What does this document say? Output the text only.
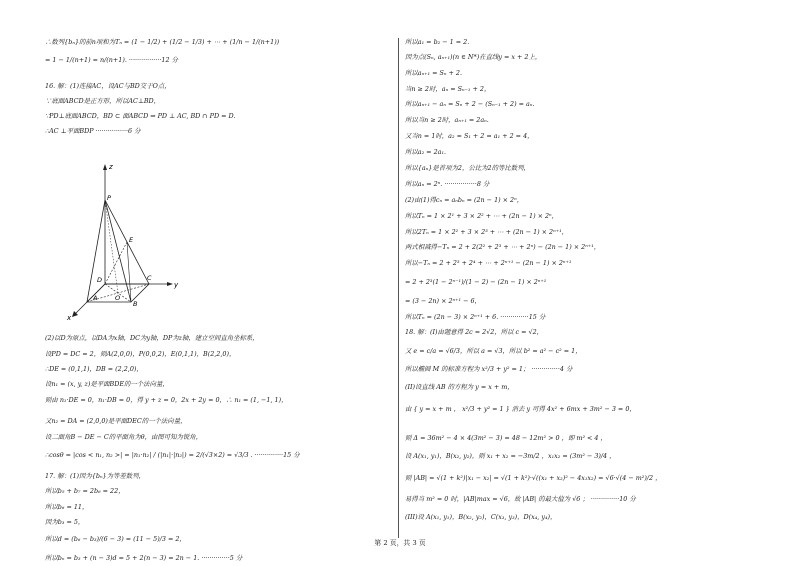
z
P
E
D	C
y
A	O
B
x
∴数列{bₙ}的前n项和为Tₙ = (1 − 1/2) + (1/2 − 1/3) + ⋯ + (1/n − 1/(n+1))
= 1 − 1/(n+1) = n/(n+1). ················12 分
16. 解：(1)连接AC，设AC与BD交于O点，
∵底面ABCD是正方形，所以AC⊥BD，
∵PD⊥底面ABCD，BD ⊂ 面ABCD ⇒ PD ⊥ AC, BD ∩ PD = D.
∴AC ⊥平面BDP ················6 分
(2)以D为原点，以DA为x轴，DC为y轴，DP为z轴，建立空间直角坐标系，
设PD = DC = 2，则A(2,0,0)，P(0,0,2)，E(0,1,1)，B(2,2,0)，
∴DE = (0,1,1)，DB = (2,2,0)，
设n₁ = (x, y, z)是平面BDE的一个法向量，
则由 n₁·DE = 0，n₁·DB = 0，得 y + z = 0，2x + 2y = 0，∴ n₁ = (1, −1, 1)，
又n₂ = DA = (2,0,0)是平面DEC的一个法向量，
设二面角B − DE − C的平面角为θ，由图可知为锐角，
∴cosθ = |cos < n₁, n₂ >| = |n₁·n₂| / (|n₁|·|n₂|) = 2/(√3×2) = √3/3 . ··············15 分
17. 解：(1)因为{bₙ}为等差数列，
所以b₅ + b₇ = 2b₆ = 22，
所以b₆ = 11，
因为b₃ = 5，
所以d = (b₆ − b₃)/(6 − 3) = (11 − 5)/3 = 2，
所以bₙ = b₃ + (n − 3)d = 5 + 2(n − 3) = 2n − 1. ··············5 分
所以a₁ = b₂ − 1 = 2.
因为点(Sₙ, aₙ₊₁)(n ∈ N*)在直线y = x + 2上，
所以aₙ₊₁ = Sₙ + 2.
当n ≥ 2时，aₙ = Sₙ₋₁ + 2，
所以aₙ₊₁ − aₙ = Sₙ + 2 − (Sₙ₋₁ + 2) = aₙ.
所以当n ≥ 2时，aₙ₊₁ = 2aₙ.
又当n = 1时，a₂ = S₁ + 2 = a₁ + 2 = 4，
所以a₂ = 2a₁.
所以{aₙ}是首项为2，公比为2的等比数列，
所以aₙ = 2ⁿ. ················8 分
(2)由(1)得cₙ = aₙbₙ = (2n − 1) × 2ⁿ，
所以Tₙ = 1 × 2¹ + 3 × 2² + ⋯ + (2n − 1) × 2ⁿ，
所以2Tₙ = 1 × 2² + 3 × 2³ + ⋯ + (2n − 1) × 2ⁿ⁺¹，
两式相减得−Tₙ = 2 + 2(2² + 2³ + ⋯ + 2ⁿ) − (2n − 1) × 2ⁿ⁺¹，
所以−Tₙ = 2 + 2³ + 2⁴ + ⋯ + 2ⁿ⁺¹ − (2n − 1) × 2ⁿ⁺¹
= 2 + 2³(1 − 2ⁿ⁻¹)/(1 − 2) − (2n − 1) × 2ⁿ⁺¹
= (3 − 2n) × 2ⁿ⁺¹ − 6，
所以Tₙ = (2n − 3) × 2ⁿ⁺¹ + 6. ··············15 分
18. 解：(I)由题意得 2c = 2√2，所以 c = √2，
又 e = c/a = √6/3，所以 a = √3，所以 b² = a² − c² = 1，
所以椭圆 M 的标准方程为 x²/3 + y² = 1； ··············4 分
(II)设直线 AB 的方程为 y = x + m，
由 { y = x + m ， x²/3 + y² = 1 } 消去 y 可得 4x² + 6mx + 3m² − 3 = 0，
则 Δ = 36m² − 4 × 4(3m² − 3) = 48 − 12m² > 0 ，即 m² < 4 ，
设 A(x₁, y₁)，B(x₂, y₂)，则 x₁ + x₂ = −3m/2 ，x₁x₂ = (3m² − 3)/4 ，
则 |AB| = √(1 + k²)|x₁ − x₂| = √(1 + k²)·√((x₁ + x₂)² − 4x₁x₂) = √6·√(4 − m²)/2 ，
易得当 m² = 0 时，|AB|max = √6，故 |AB| 的最大值为 √6 ； ··············10 分
(III)设 A(x₁, y₁)，B(x₂, y₂)，C(x₃, y₃)，D(x₄, y₄)，
第 2 页，共 3 页
